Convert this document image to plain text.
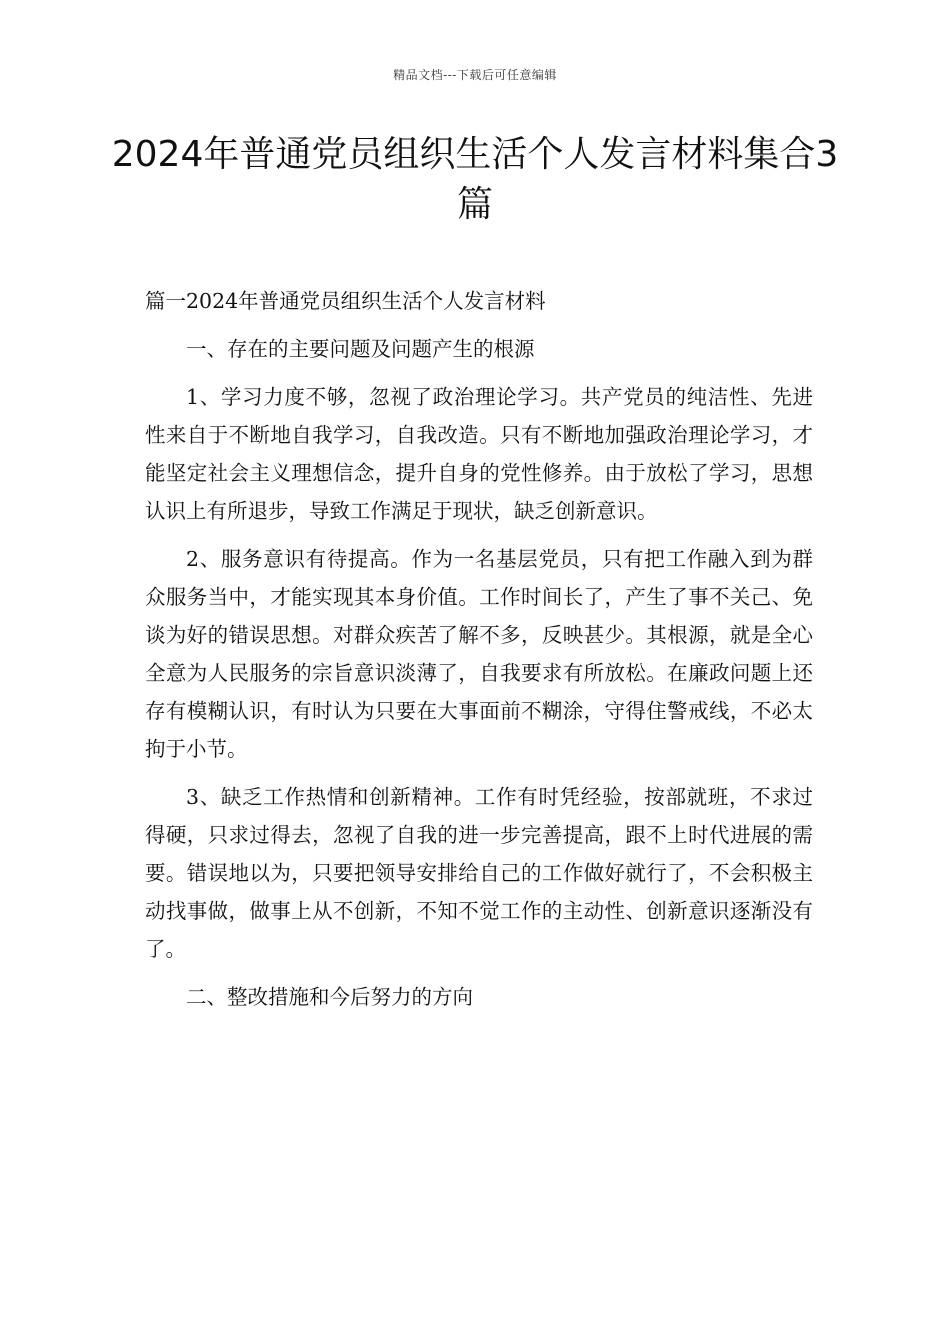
精品文档---下载后可任意编辑
2024年普通党员组织生活个人发言材料集合3篇

篇一2024年普通党员组织生活个人发言材料

一、存在的主要问题及问题产生的根源

1、学习力度不够，忽视了政治理论学习。共产党员的纯洁性、先进性来自于不断地自我学习，自我改造。只有不断地加强政治理论学习，才能坚定社会主义理想信念，提升自身的党性修养。由于放松了学习，思想认识上有所退步，导致工作满足于现状，缺乏创新意识。

2、服务意识有待提高。作为一名基层党员，只有把工作融入到为群众服务当中，才能实现其本身价值。工作时间长了，产生了事不关己、免谈为好的错误思想。对群众疾苦了解不多，反映甚少。其根源，就是全心全意为人民服务的宗旨意识淡薄了，自我要求有所放松。在廉政问题上还存有模糊认识，有时认为只要在大事面前不糊涂，守得住警戒线，不必太拘于小节。

3、缺乏工作热情和创新精神。工作有时凭经验，按部就班，不求过得硬，只求过得去，忽视了自我的进一步完善提高，跟不上时代进展的需要。错误地以为，只要把领导安排给自己的工作做好就行了，不会积极主动找事做，做事上从不创新，不知不觉工作的主动性、创新意识逐渐没有了。

二、整改措施和今后努力的方向
